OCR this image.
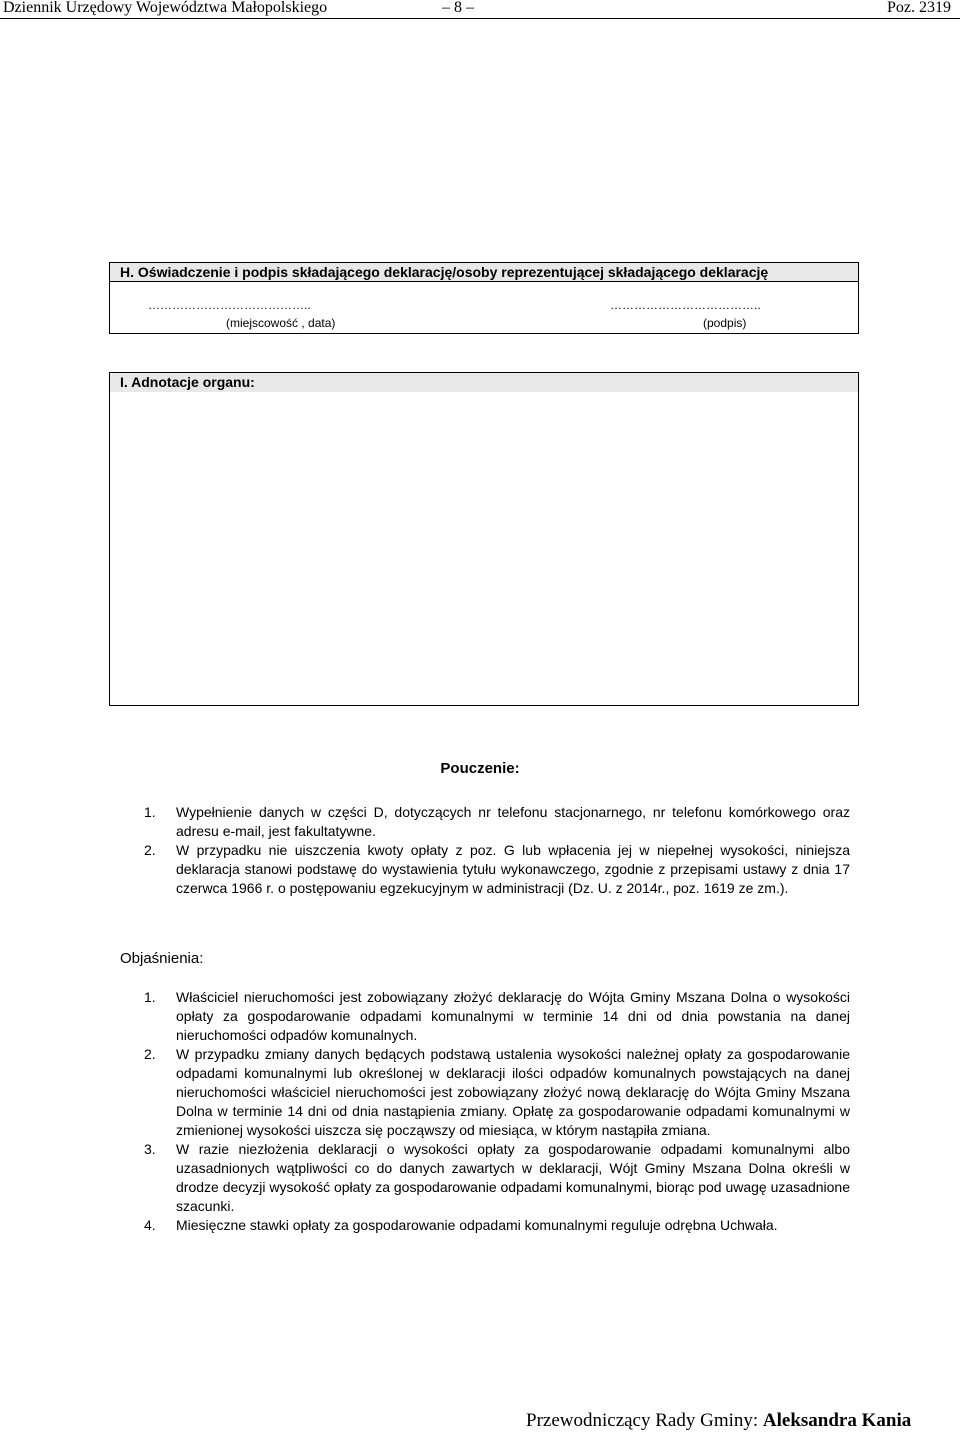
Dziennik Urzędowy Województwa Małopolskiego	– 8 –	Poz. 2319
H. Oświadczenie i podpis składającego deklarację/osoby reprezentującej składającego deklarację
…………………………………..
(miejscowość , data)
………………………………..
(podpis)
I. Adnotacje organu:
Pouczenie:
1. Wypełnienie danych w części D, dotyczących nr telefonu stacjonarnego, nr telefonu komórkowego oraz adresu e-mail, jest fakultatywne.
2. W przypadku nie uiszczenia kwoty opłaty z poz. G lub wpłacenia jej w niepełnej wysokości, niniejsza deklaracja stanowi podstawę do wystawienia tytułu wykonawczego, zgodnie z przepisami ustawy z dnia 17 czerwca 1966 r. o postępowaniu egzekucyjnym w administracji (Dz. U. z 2014r., poz. 1619 ze zm.).
Objaśnienia:
1. Właściciel nieruchomości jest zobowiązany złożyć deklarację do Wójta Gminy Mszana Dolna o wysokości opłaty za gospodarowanie odpadami komunalnymi w terminie 14 dni od dnia powstania na danej nieruchomości odpadów komunalnych.
2. W przypadku zmiany danych będących podstawą ustalenia wysokości należnej opłaty za gospodarowanie odpadami komunalnymi lub określonej w deklaracji ilości odpadów komunalnych powstających na danej nieruchomości właściciel nieruchomości jest zobowiązany złożyć nową deklarację do Wójta Gminy Mszana Dolna w terminie 14 dni od dnia nastąpienia zmiany. Opłatę za gospodarowanie odpadami komunalnymi w zmienionej wysokości uiszcza się począwszy od miesiąca, w którym nastąpiła zmiana.
3. W razie niezłożenia deklaracji o wysokości opłaty za gospodarowanie odpadami komunalnymi albo uzasadnionych wątpliwości co do danych zawartych w deklaracji, Wójt Gminy Mszana Dolna określi w drodze decyzji wysokość opłaty za gospodarowanie odpadami komunalnymi, biorąc pod uwagę uzasadnione szacunki.
4. Miesięczne stawki opłaty za gospodarowanie odpadami komunalnymi reguluje odrębna Uchwała.
Przewodniczący Rady Gminy: Aleksandra Kania
